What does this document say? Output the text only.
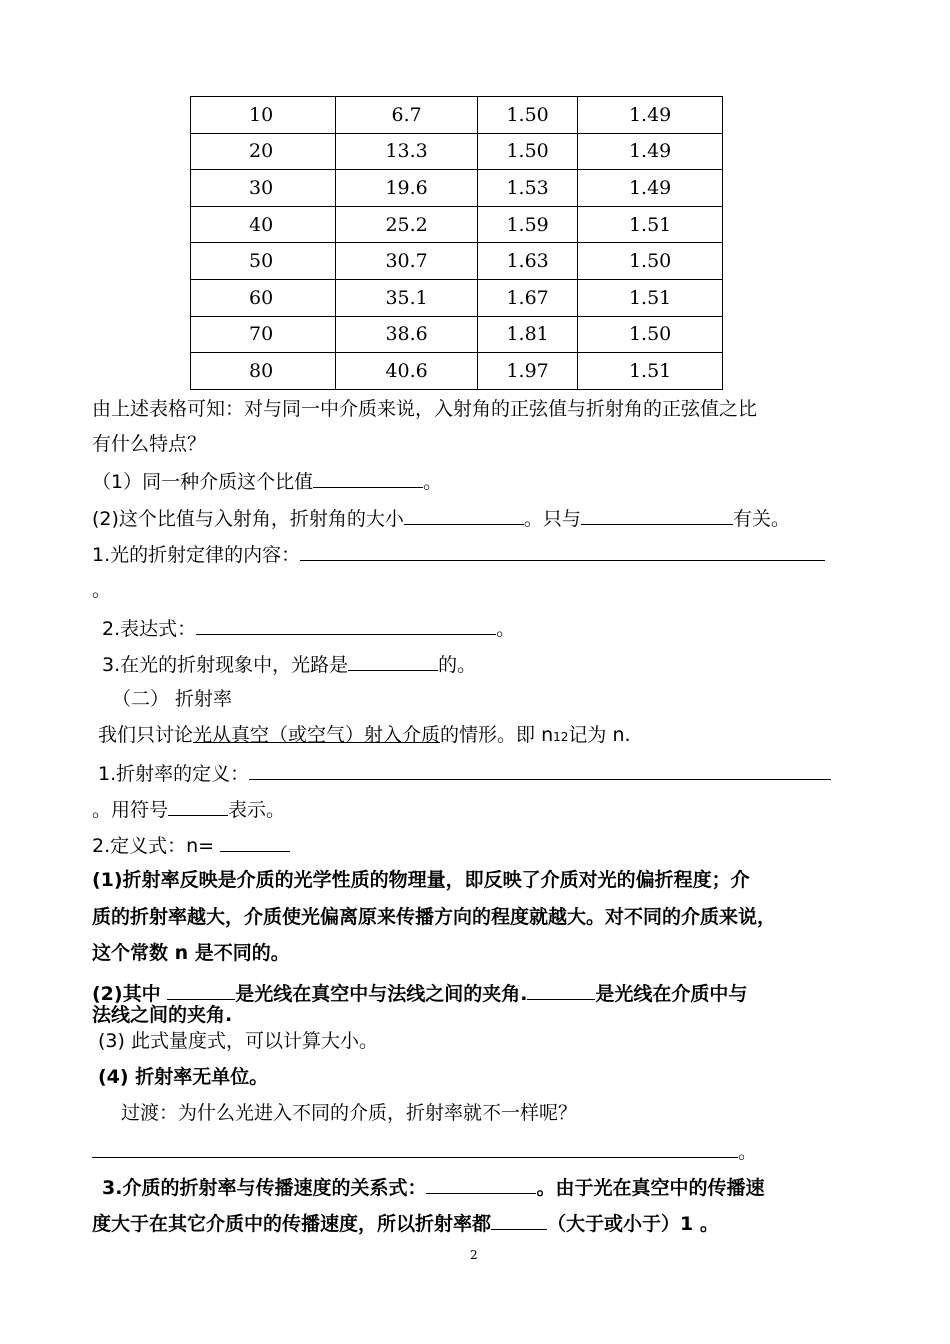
10	6.7	1.50	1.49
20	13.3	1.50	1.49
30	19.6	1.53	1.49
40	25.2	1.59	1.51
50	30.7	1.63	1.50
60	35.1	1.67	1.51
70	38.6	1.81	1.50
80	40.6	1.97	1.51
由上述表格可知：对与同一中介质来说，入射角的正弦值与折射角的正弦值之比
有什么特点？
（1）同一种介质这个比值	。
(2)这个比值与入射角，折射角的大小	。只与	有关。
1.光的折射定律的内容：
。
2.表达式：	。
3.在光的折射现象中，光路是	的。
（二） 折射率
我们只讨论光从真空（或空气）射入介质的情形。即 n12记为 n.
1.折射率的定义：
。用符号	表示。
2.定义式：n=
(1)折射率反映是介质的光学性质的物理量，即反映了介质对光的偏折程度；介
质的折射率越大，介质使光偏离原来传播方向的程度就越大。对不同的介质来说，
这个常数 n 是不同的。
(2)其中	是光线在真空中与法线之间的夹角.	是光线在介质中与
法线之间的夹角.
(3) 此式量度式，可以计算大小。
(4) 折射率无单位。
过渡：为什么光进入不同的介质，折射率就不一样呢？
。
3.介质的折射率与传播速度的关系式：	。由于光在真空中的传播速
度大于在其它介质中的传播速度，所以折射率都	（大于或小于）1 。
2
